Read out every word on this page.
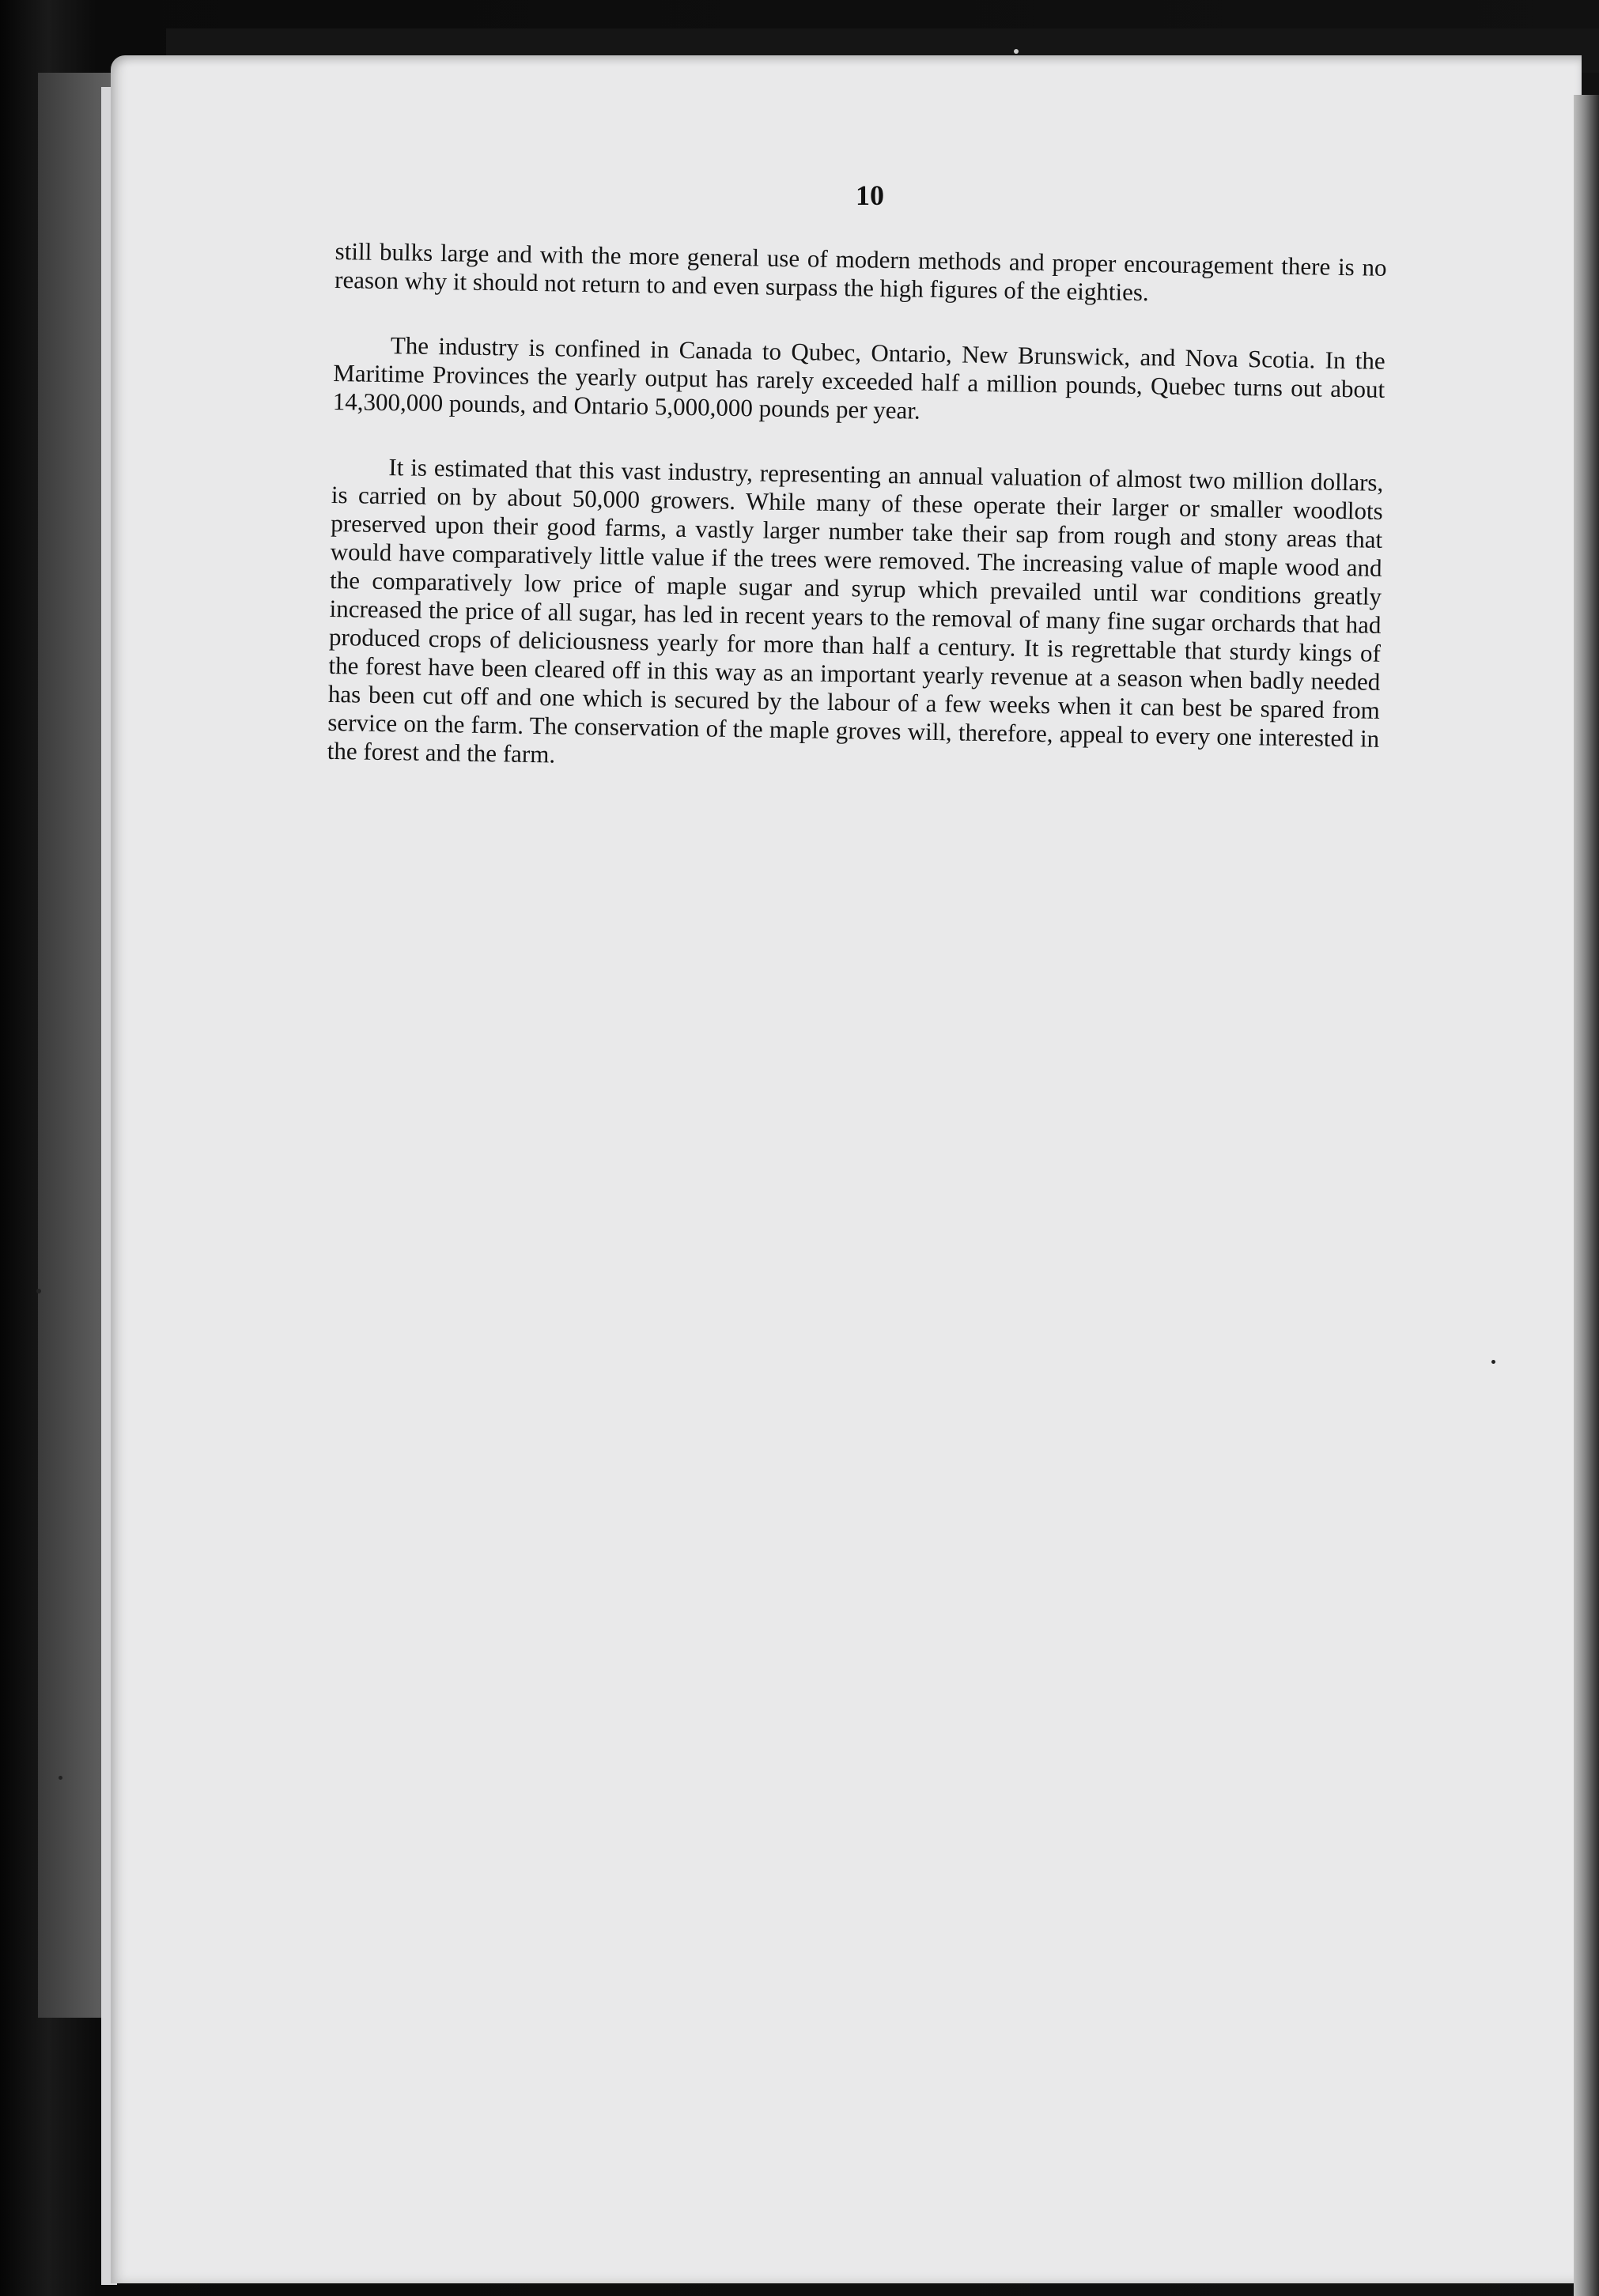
10

still bulks large and with the more general use of modern methods and proper encouragement there is no reason why it should not return to and even surpass the high figures of the eighties.

The industry is confined in Canada to Qubec, Ontario, New Brunswick, and Nova Scotia. In the Maritime Provinces the yearly output has rarely exceeded half a million pounds, Quebec turns out about 14,300,000 pounds, and Ontario 5,000,000 pounds per year.

It is estimated that this vast industry, representing an annual valuation of almost two million dollars, is carried on by about 50,000 growers. While many of these operate their larger or smaller woodlots preserved upon their good farms, a vastly larger number take their sap from rough and stony areas that would have comparatively little value if the trees were removed. The increasing value of maple wood and the comparatively low price of maple sugar and syrup which prevailed until war conditions greatly increased the price of all sugar, has led in recent years to the removal of many fine sugar orchards that had produced crops of deliciousness yearly for more than half a century. It is regrettable that sturdy kings of the forest have been cleared off in this way as an important yearly revenue at a season when badly needed has been cut off and one which is secured by the labour of a few weeks when it can best be spared from service on the farm. The conservation of the maple groves will, therefore, appeal to every one interested in the forest and the farm.
